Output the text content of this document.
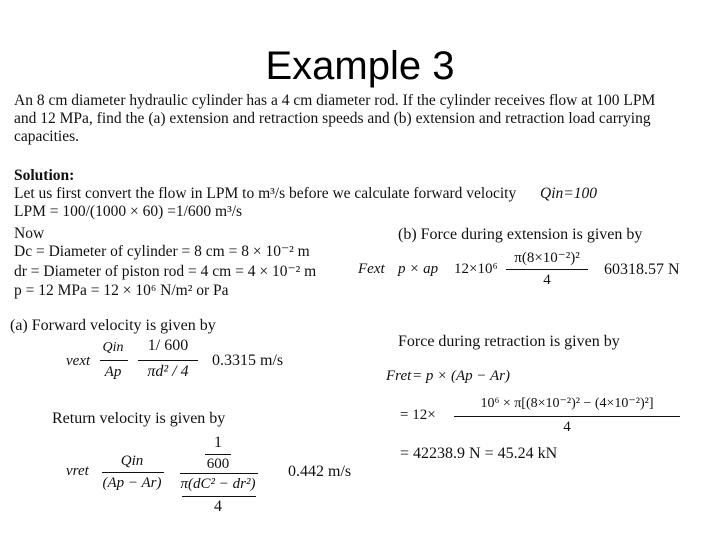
Example 3
An 8 cm diameter hydraulic cylinder has a 4 cm diameter rod. If the cylinder receives flow at 100 LPM
and 12 MPa, find the (a) extension and retraction speeds and (b) extension and retraction load carrying
capacities.
Solution:
Let us first convert the flow in LPM to m³/s before we calculate forward velocity Qin=100
LPM = 100/(1000 × 60) =1/600 m³/s
Now
Dc = Diameter of cylinder = 8 cm = 8 × 10⁻² m
dr = Diameter of piston rod = 4 cm = 4 × 10⁻² m
p = 12 MPa = 12 × 10⁶ N/m² or Pa
(a) Forward velocity is given by
vext
Qin
Ap
1/ 600
πd² / 4
0.3315 m/s
Return velocity is given by
vret
Qin
(Ap − Ar)
1
600
π(dC² − dr²)
4
0.442 m/s
(b) Force during extension is given by
Fext p × ap 12×10⁶
π(8×10⁻²)²
4
60318.57 N
Force during retraction is given by
Fret = p × (Ap − Ar)
= 12×
10⁶ × π[(8×10⁻²)² − (4×10⁻²)²]
4
= 42238.9 N = 45.24 kN
